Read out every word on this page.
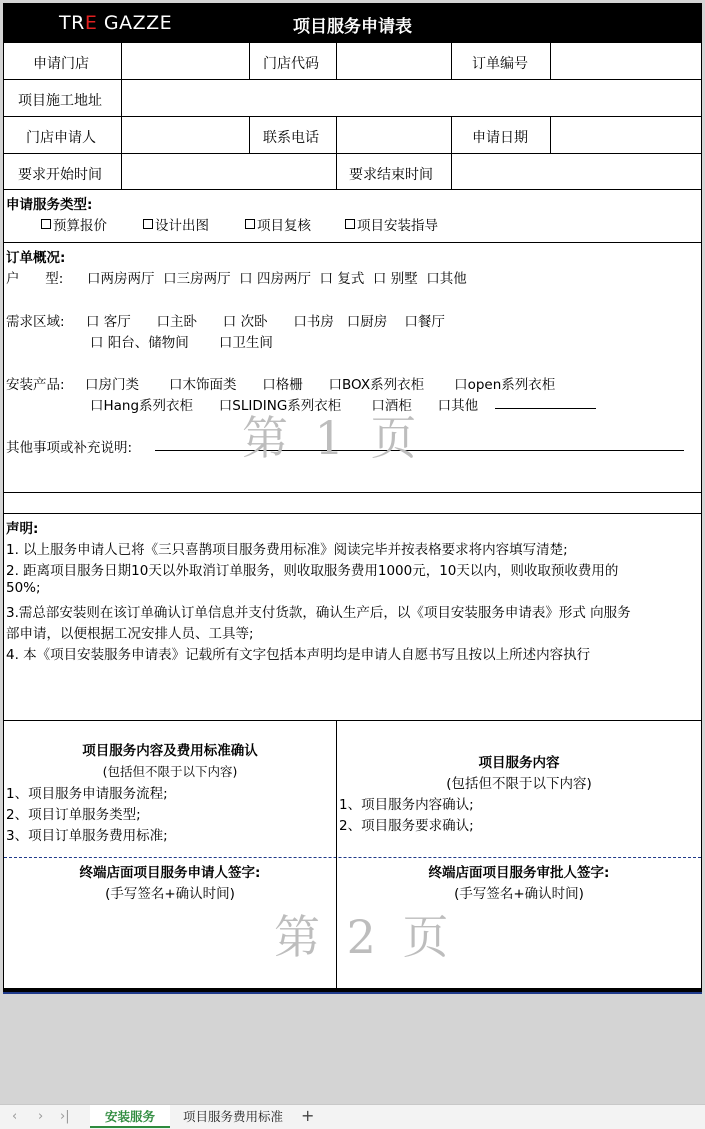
TRE GAZZE	项目服务申请表
申请门店	门店代码	订单编号
项目施工地址
门店申请人	联系电话	申请日期
要求开始时间	要求结束时间
申请服务类型:
预算报价	设计出图	项目复核	项目安装指导
订单概况:
户      型: 口两房两厅  口三房两厅  口 四房两厅  口 复式  口 别墅  口其他
需求区域: 口 客厅      口主卧      口 次卧      口书房   口厨房    口餐厅
口 阳台、储物间       口卫生间
安装产品: 口房门类       口木饰面类      口格栅      口BOX系列衣柜       口open系列衣柜
口Hang系列衣柜      口SLIDING系列衣柜       口酒柜      口其他
其他事项或补充说明: 第 1 页
声明:
1. 以上服务申请人已将《三只喜鹊项目服务费用标准》阅读完毕并按表格要求将内容填写清楚;
2. 距离项目服务日期10天以外取消订单服务，则收取服务费用1000元，10天以内，则收取预收费用的
50%;
3.需总部安装则在该订单确认订单信息并支付货款，确认生产后，以《项目安装服务申请表》形式 向服务
部申请，以便根据工况安排人员、工具等;
4. 本《项目安装服务申请表》记载所有文字包括本声明均是申请人自愿书写且按以上所述内容执行
项目服务内容及费用标准确认
(包括但不限于以下内容)
1、项目服务申请服务流程;
2、项目订单服务类型;
3、项目订单服务费用标准;
项目服务内容
(包括但不限于以下内容)
1、项目服务内容确认;
2、项目服务要求确认;
终端店面项目服务申请人签字:
(手写签名+确认时间)
终端店面项目服务审批人签字:
(手写签名+确认时间)
第 2 页
‹ › ›|	安装服务	项目服务费用标准	+
